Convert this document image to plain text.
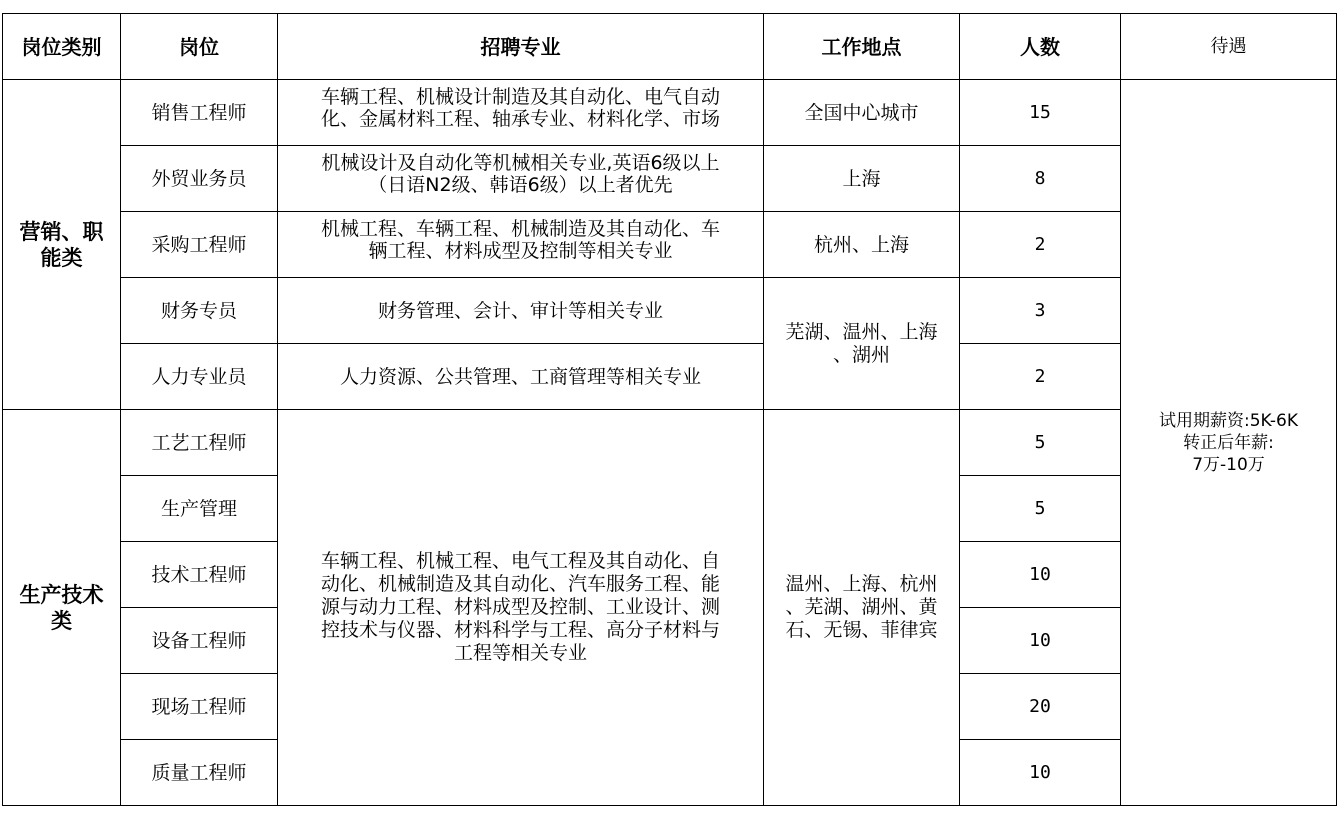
岗位类别	岗位	招聘专业	工作地点	人数	待遇

营销、职
能类	销售工程师	车辆工程、机械设计制造及其自动化、电气自动
化、金属材料工程、轴承专业、材料化学、市场	全国中心城市	15	试用期薪资:5K-6K
转正后年薪:
7万-10万

	外贸业务员	机械设计及自动化等机械相关专业,英语6级以上
（日语N2级、韩语6级）以上者优先	上海	8	
	采购工程师	机械工程、车辆工程、机械制造及其自动化、车
辆工程、材料成型及控制等相关专业	杭州、上海	2	
	财务专员	财务管理、会计、审计等相关专业	芜湖、温州、上海
、湖州	3	
	人力专业员	人力资源、公共管理、工商管理等相关专业		2	

生产技术
类	工艺工程师	车辆工程、机械工程、电气工程及其自动化、自
动化、机械制造及其自动化、汽车服务工程、能
源与动力工程、材料成型及控制、工业设计、测
控技术与仪器、材料科学与工程、高分子材料与
工程等相关专业	温州、上海、杭州
、芜湖、湖州、黄
石、无锡、菲律宾	5	
	生产管理			5	
	技术工程师			10	
	设备工程师			10	
	现场工程师			20	
	质量工程师			10	
